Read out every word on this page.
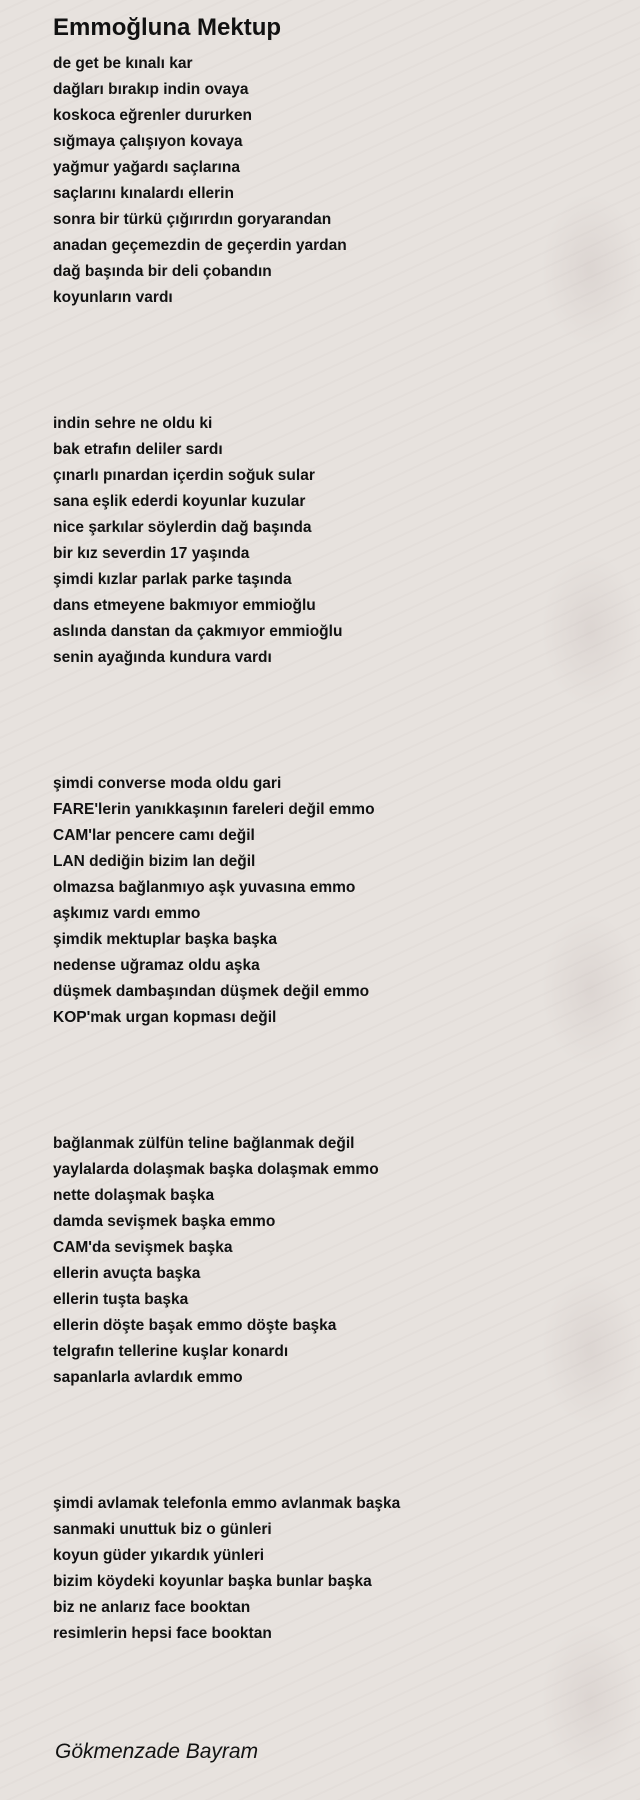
Emmoğluna Mektup
de get be kınalı kar
dağları bırakıp indin ovaya
koskoca eğrenler dururken
sığmaya çalışıyon kovaya
yağmur yağardı saçlarına
saçlarını kınalardı ellerin
sonra bir türkü çığırırdın goryarandan
anadan geçemezdin de geçerdin yardan
dağ başında bir deli çobandın
koyunların vardı
indin sehre ne oldu ki
bak etrafın deliler sardı
çınarlı pınardan içerdin soğuk sular
sana eşlik ederdi koyunlar kuzular
nice şarkılar söylerdin dağ başında
bir kız severdin 17 yaşında
şimdi kızlar parlak parke taşında
dans etmeyene bakmıyor emmioğlu
aslında danstan da çakmıyor emmioğlu
senin ayağında kundura vardı
şimdi converse moda oldu gari
FARE'lerin yanıkkaşının fareleri değil emmo
CAM'lar pencere camı değil
LAN dediğin bizim lan değil
olmazsa bağlanmıyo aşk yuvasına emmo
aşkımız vardı emmo
şimdik mektuplar başka başka
nedense uğramaz oldu aşka
düşmek dambaşından düşmek değil emmo
KOP'mak urgan kopması değil
bağlanmak zülfün teline bağlanmak değil
yaylalarda dolaşmak başka dolaşmak emmo
nette dolaşmak başka
damda sevişmek başka emmo
CAM'da sevişmek başka
ellerin avuçta başka
ellerin tuşta başka
ellerin döşte başak emmo döşte başka
telgrafın tellerine kuşlar konardı
sapanlarla avlardık emmo
şimdi avlamak telefonla emmo avlanmak başka
sanmaki unuttuk biz o günleri
koyun güder yıkardık yünleri
bizim köydeki koyunlar başka bunlar başka
biz ne anlarız face booktan
resimlerin hepsi face booktan

Gökmenzade Bayram
